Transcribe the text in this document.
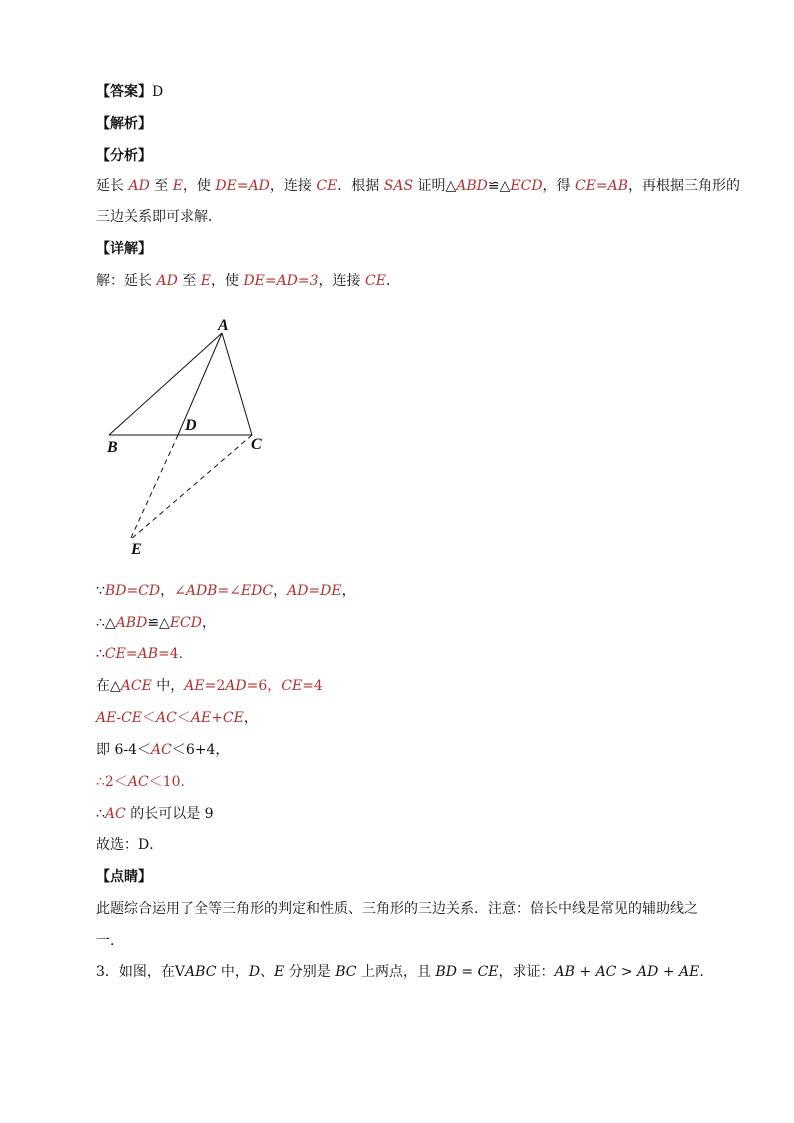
【答案】D
【解析】
【分析】
延长 AD 至 E，使 DE=AD，连接 CE．根据 SAS 证明△ABD≌△ECD，得 CE=AB，再根据三角形的
三边关系即可求解．
【详解】
解：延长 AD 至 E，使 DE=AD=3，连接 CE．
A
B	C
D
E
∵BD=CD，∠ADB=∠EDC，AD=DE，
∴△ABD≌△ECD，
∴CE=AB=4．
在△ACE 中，AE=2AD=6，CE=4
AE-CE＜AC＜AE+CE，
即 6-4＜AC＜6+4，
∴2＜AC＜10．
∴AC 的长可以是 9
故选：D．
【点睛】
此题综合运用了全等三角形的判定和性质、三角形的三边关系．注意：倍长中线是常见的辅助线之
一．
3．如图，在VABC 中，D、E 分别是 BC 上两点，且 BD = CE，求证：AB + AC > AD + AE.
